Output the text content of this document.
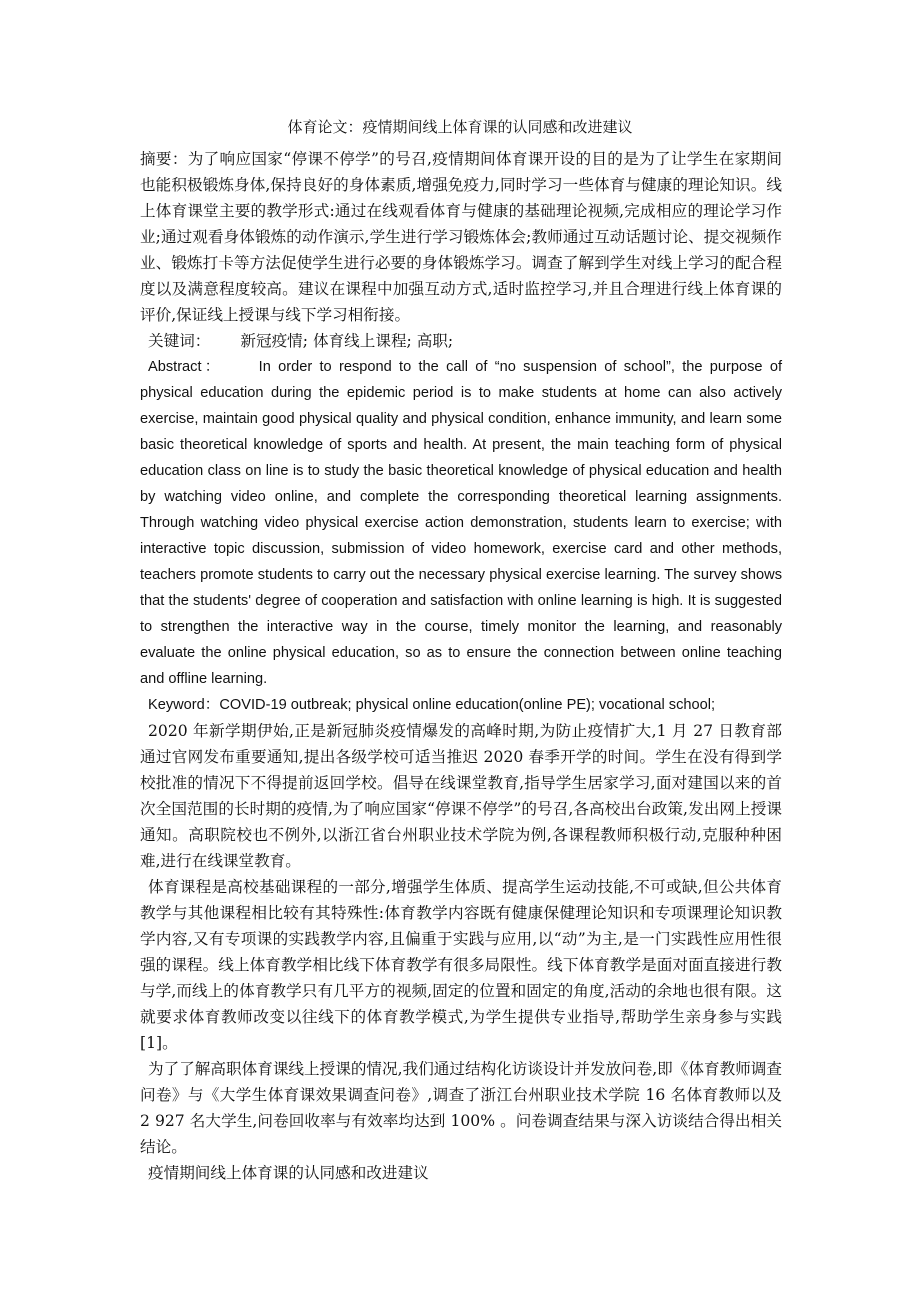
体育论文：疫情期间线上体育课的认同感和改进建议

摘要：为了响应国家“停课不停学”的号召,疫情期间体育课开设的目的是为了让学生在家期间也能积极锻炼身体,保持良好的身体素质,增强免疫力,同时学习一些体育与健康的理论知识。线上体育课堂主要的教学形式:通过在线观看体育与健康的基础理论视频,完成相应的理论学习作业;通过观看身体锻炼的动作演示,学生进行学习锻炼体会;教师通过互动话题讨论、提交视频作业、锻炼打卡等方法促使学生进行必要的身体锻炼学习。调查了解到学生对线上学习的配合程度以及满意程度较高。建议在课程中加强互动方式,适时监控学习,并且合理进行线上体育课的评价,保证线上授课与线下学习相衔接。

关键词： 新冠疫情; 体育线上课程; 高职;

Abstract： In order to respond to the call of “no suspension of school”, the purpose of physical education during the epidemic period is to make students at home can also actively exercise, maintain good physical quality and physical condition, enhance immunity, and learn some basic theoretical knowledge of sports and health. At present, the main teaching form of physical education class on line is to study the basic theoretical knowledge of physical education and health by watching video online, and complete the corresponding theoretical learning assignments. Through watching video physical exercise action demonstration, students learn to exercise; with interactive topic discussion, submission of video homework, exercise card and other methods, teachers promote students to carry out the necessary physical exercise learning. The survey shows that the students' degree of cooperation and satisfaction with online learning is high. It is suggested to strengthen the interactive way in the course, timely monitor the learning, and reasonably evaluate the online physical education, so as to ensure the connection between online teaching and offline learning.

Keyword：COVID-19 outbreak; physical online education(online PE); vocational school;

2020 年新学期伊始,正是新冠肺炎疫情爆发的高峰时期,为防止疫情扩大,1 月 27 日教育部通过官网发布重要通知,提出各级学校可适当推迟 2020 春季开学的时间。学生在没有得到学校批准的情况下不得提前返回学校。倡导在线课堂教育,指导学生居家学习,面对建国以来的首次全国范围的长时期的疫情,为了响应国家“停课不停学”的号召,各高校出台政策,发出网上授课通知。高职院校也不例外,以浙江省台州职业技术学院为例,各课程教师积极行动,克服种种困难,进行在线课堂教育。

体育课程是高校基础课程的一部分,增强学生体质、提高学生运动技能,不可或缺,但公共体育教学与其他课程相比较有其特殊性:体育教学内容既有健康保健理论知识和专项课理论知识教学内容,又有专项课的实践教学内容,且偏重于实践与应用,以“动”为主,是一门实践性应用性很强的课程。线上体育教学相比线下体育教学有很多局限性。线下体育教学是面对面直接进行教与学,而线上的体育教学只有几平方的视频,固定的位置和固定的角度,活动的余地也很有限。这就要求体育教师改变以往线下的体育教学模式,为学生提供专业指导,帮助学生亲身参与实践[1]。

为了了解高职体育课线上授课的情况,我们通过结构化访谈设计并发放问卷,即《体育教师调查问卷》与《大学生体育课效果调查问卷》,调查了浙江台州职业技术学院 16 名体育教师以及 2 927 名大学生,问卷回收率与有效率均达到 100% 。问卷调查结果与深入访谈结合得出相关结论。

疫情期间线上体育课的认同感和改进建议
